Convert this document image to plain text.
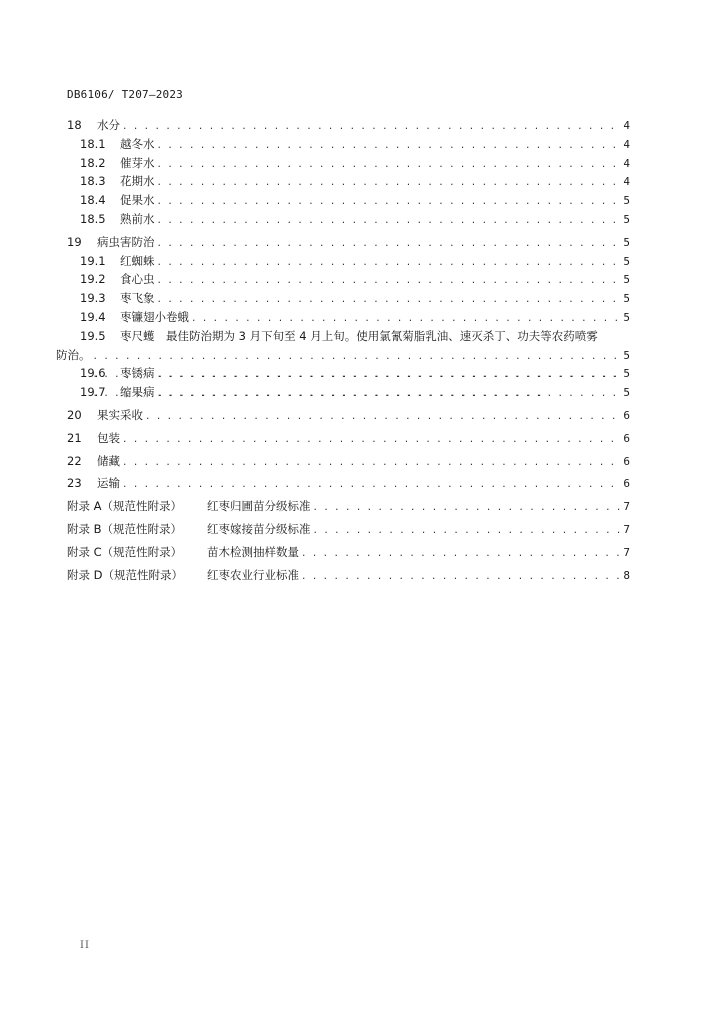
DB6106/ T207—2023
18	水分 . . .	4
18.1	越冬水 . . .	4
18.2	催芽水 . . .	4
18.3	花期水 . . .	4
18.4	促果水 . . .	5
18.5	熟前水 . . .	5
19	病虫害防治 . . .	5
19.1	红蜘蛛 . . .	5
19.2	食心虫 . . .	5
19.3	枣飞象 . . .	5
19.4	枣镰翅小卷蛾 . . .	5
19.5 枣尺蠖　最佳防治期为 3 月下旬至 4 月上旬。使用氯氰菊脂乳油、速灭杀丁、功夫等农药喷雾
防治。 . . .	5
19.6	枣锈病 . . .	5
19.7	缩果病 . . .	5
20	果实采收 . . .	6
21	包装 . . .	6
22	储藏 . . .	6
23	运输 . . .	6
附录 A（规范性附录）	红枣归圃苗分级标准 . . .	7
附录 B（规范性附录）	红枣嫁接苗分级标准 . . .	7
附录 C（规范性附录）	苗木检测抽样数量 . . .	7
附录 D（规范性附录）	红枣农业行业标准 . . .	8
II
